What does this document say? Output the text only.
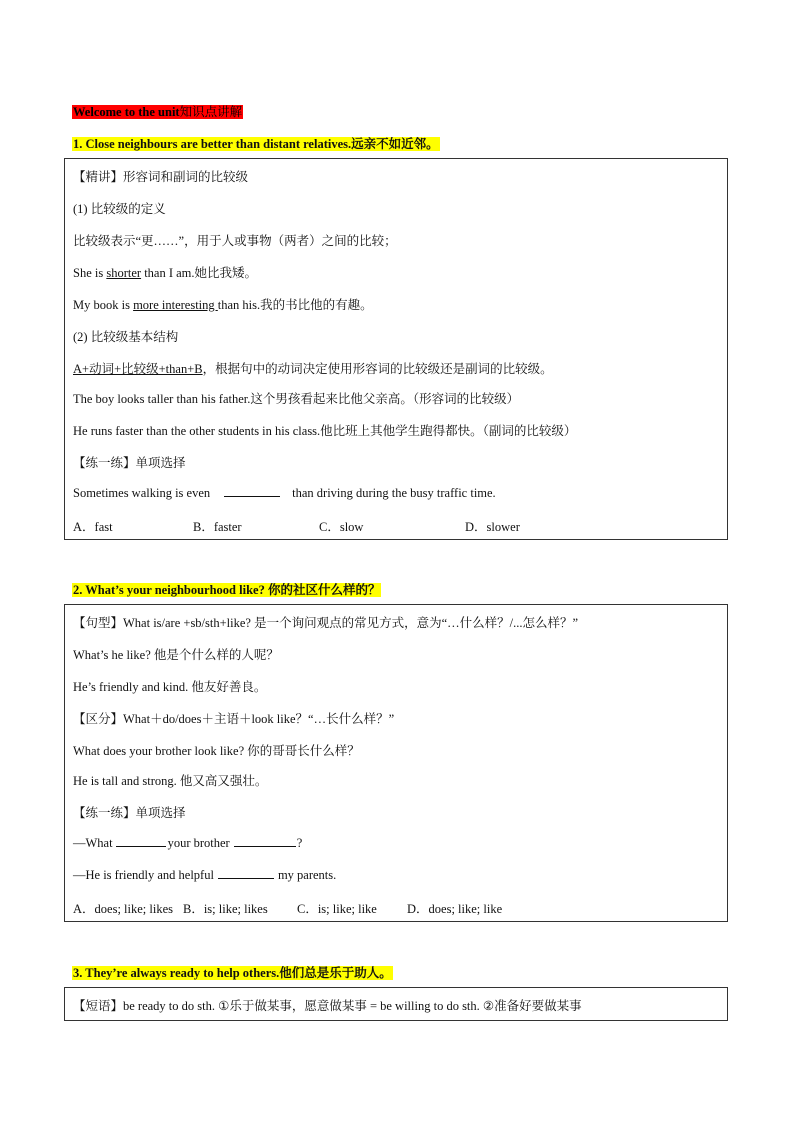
Welcome to the unit知识点讲解
1. Close neighbours are better than distant relatives.远亲不如近邻。
【精讲】形容词和副词的比较级
(1) 比较级的定义
比较级表示“更……”，用于人或事物（两者）之间的比较；
She is shorter than I am.她比我矮。
My book is more interesting than his.我的书比他的有趣。
(2) 比较级基本结构
A+动词+比较级+than+B，根据句中的动词决定使用形容词的比较级还是副词的比较级。
The boy looks taller than his father.这个男孩看起来比他父亲高。（形容词的比较级）
He runs faster than the other students in his class.他比班上其他学生跑得都快。（副词的比较级）
【练一练】单项选择
Sometimes walking is even	than driving during the busy traffic time.
A．fast	B．faster	C．slow	D．slower
2. What’s your neighbourhood like? 你的社区什么样的？
【句型】What is/are +sb/sth+like? 是一个询问观点的常见方式，意为“…什么样？/...怎么样？”
What’s he like? 他是个什么样的人呢？
He’s friendly and kind. 他友好善良。
【区分】What＋do/does＋主语＋look like？“…长什么样？”
What does your brother look like? 你的哥哥长什么样？
He is tall and strong. 他又高又强壮。
【练一练】单项选择
—What	your brother	?
—He is friendly and helpful	my parents.
A．does; like; likes B．is; like; likes C．is; like; like D．does; like; like
3. They’re always ready to help others.他们总是乐于助人。
【短语】be ready to do sth. ①乐于做某事，愿意做某事 = be willing to do sth. ②准备好要做某事
